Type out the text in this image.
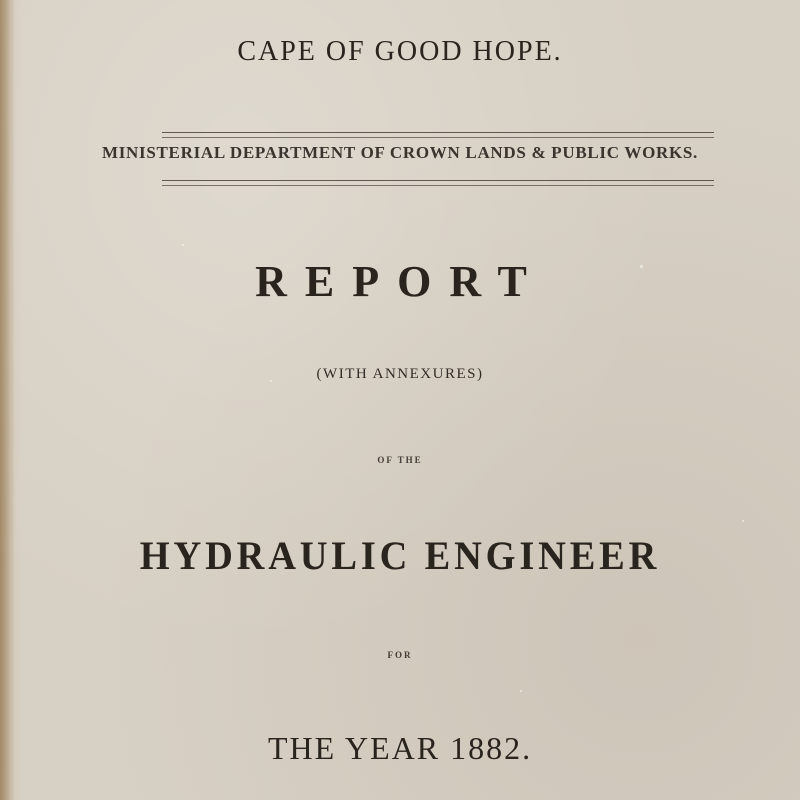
CAPE OF GOOD HOPE.
MINISTERIAL DEPARTMENT OF CROWN LANDS & PUBLIC WORKS.
REPORT
(WITH ANNEXURES)
OF THE
HYDRAULIC ENGINEER
FOR
THE YEAR 1882.
